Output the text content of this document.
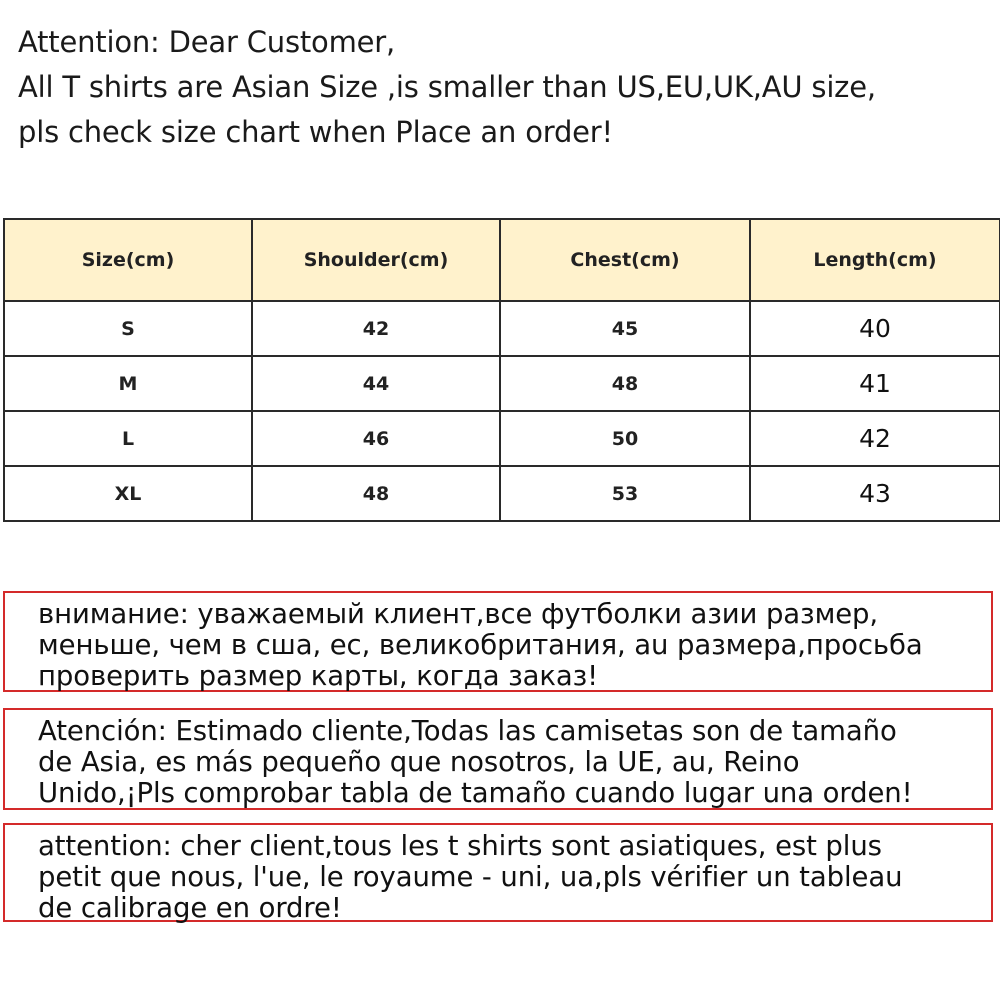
Attention: Dear Customer,
All T shirts are Asian Size ,is smaller than US,EU,UK,AU size,
pls check size chart when Place an order!
Size(cm)	Shoulder(cm)	Chest(cm)	Length(cm)
S	42	45	40
M	44	48	41
L	46	50	42
XL	48	53	43
внимание: уважаемый клиент,все футболки азии размер,
меньше, чем в сша, ес, великобритания, au размера,просьба
проверить размер карты, когда заказ!
Atención: Estimado cliente,Todas las camisetas son de tamaño
de Asia, es más pequeño que nosotros, la UE, au, Reino
Unido,¡Pls comprobar tabla de tamaño cuando lugar una orden!
attention: cher client,tous les t shirts sont asiatiques, est plus
petit que nous, l'ue, le royaume - uni, ua,pls vérifier un tableau
de calibrage en ordre!
